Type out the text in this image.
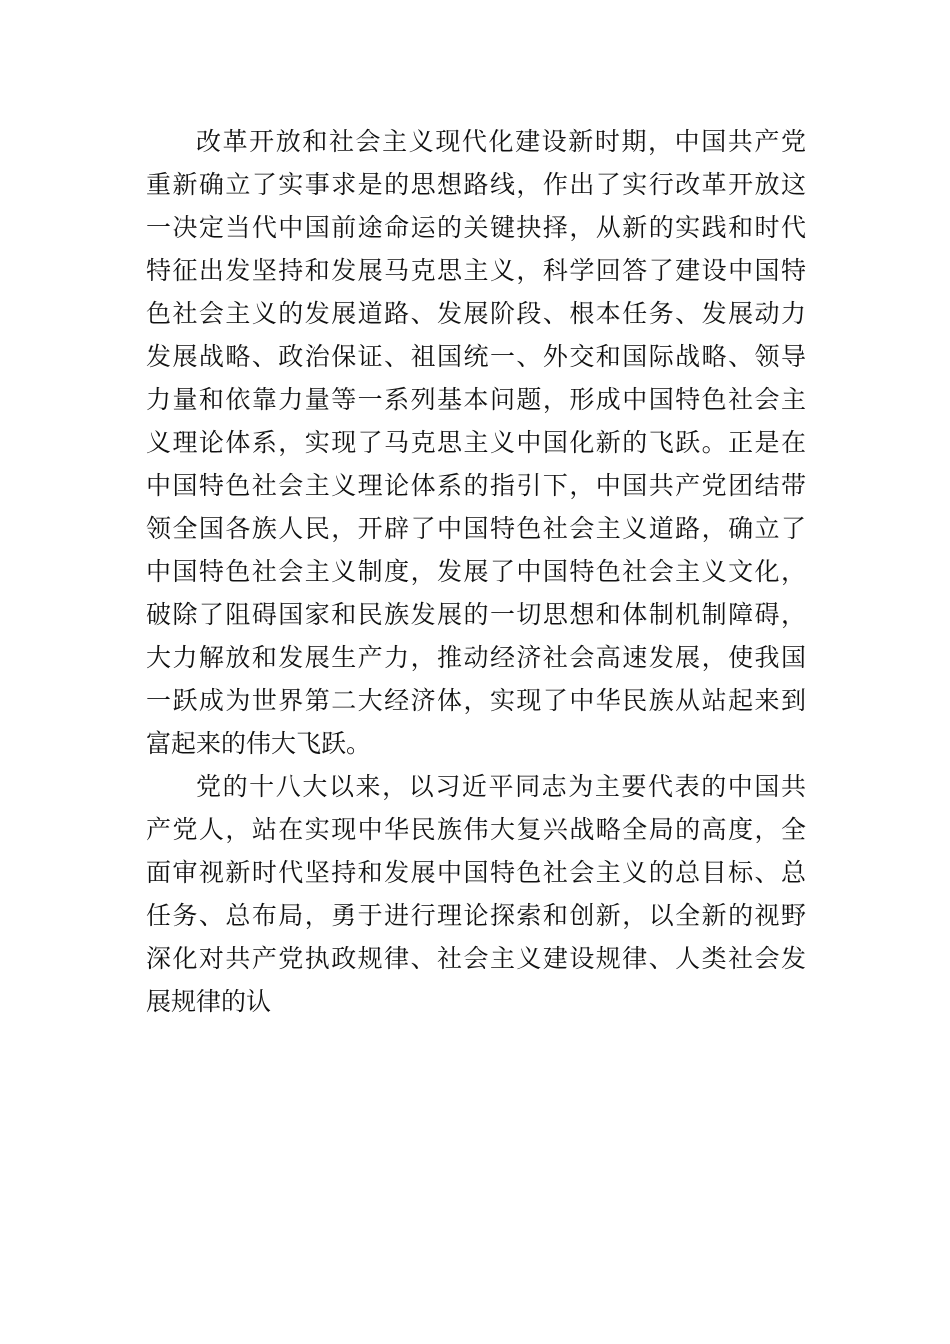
改革开放和社会主义现代化建设新时期，中国共产党
重新确立了实事求是的思想路线，作出了实行改革开放这
一决定当代中国前途命运的关键抉择，从新的实践和时代
特征出发坚持和发展马克思主义，科学回答了建设中国特
色社会主义的发展道路、发展阶段、根本任务、发展动力
发展战略、政治保证、祖国统一、外交和国际战略、领导
力量和依靠力量等一系列基本问题，形成中国特色社会主
义理论体系，实现了马克思主义中国化新的飞跃。正是在
中国特色社会主义理论体系的指引下，中国共产党团结带
领全国各族人民，开辟了中国特色社会主义道路，确立了
中国特色社会主义制度，发展了中国特色社会主义文化，
破除了阻碍国家和民族发展的一切思想和体制机制障碍，
大力解放和发展生产力，推动经济社会高速发展，使我国
一跃成为世界第二大经济体，实现了中华民族从站起来到
富起来的伟大飞跃。
党的十八大以来，以习近平同志为主要代表的中国共
产党人，站在实现中华民族伟大复兴战略全局的高度，全
面审视新时代坚持和发展中国特色社会主义的总目标、总
任务、总布局，勇于进行理论探索和创新，以全新的视野
深化对共产党执政规律、社会主义建设规律、人类社会发
展规律的认
